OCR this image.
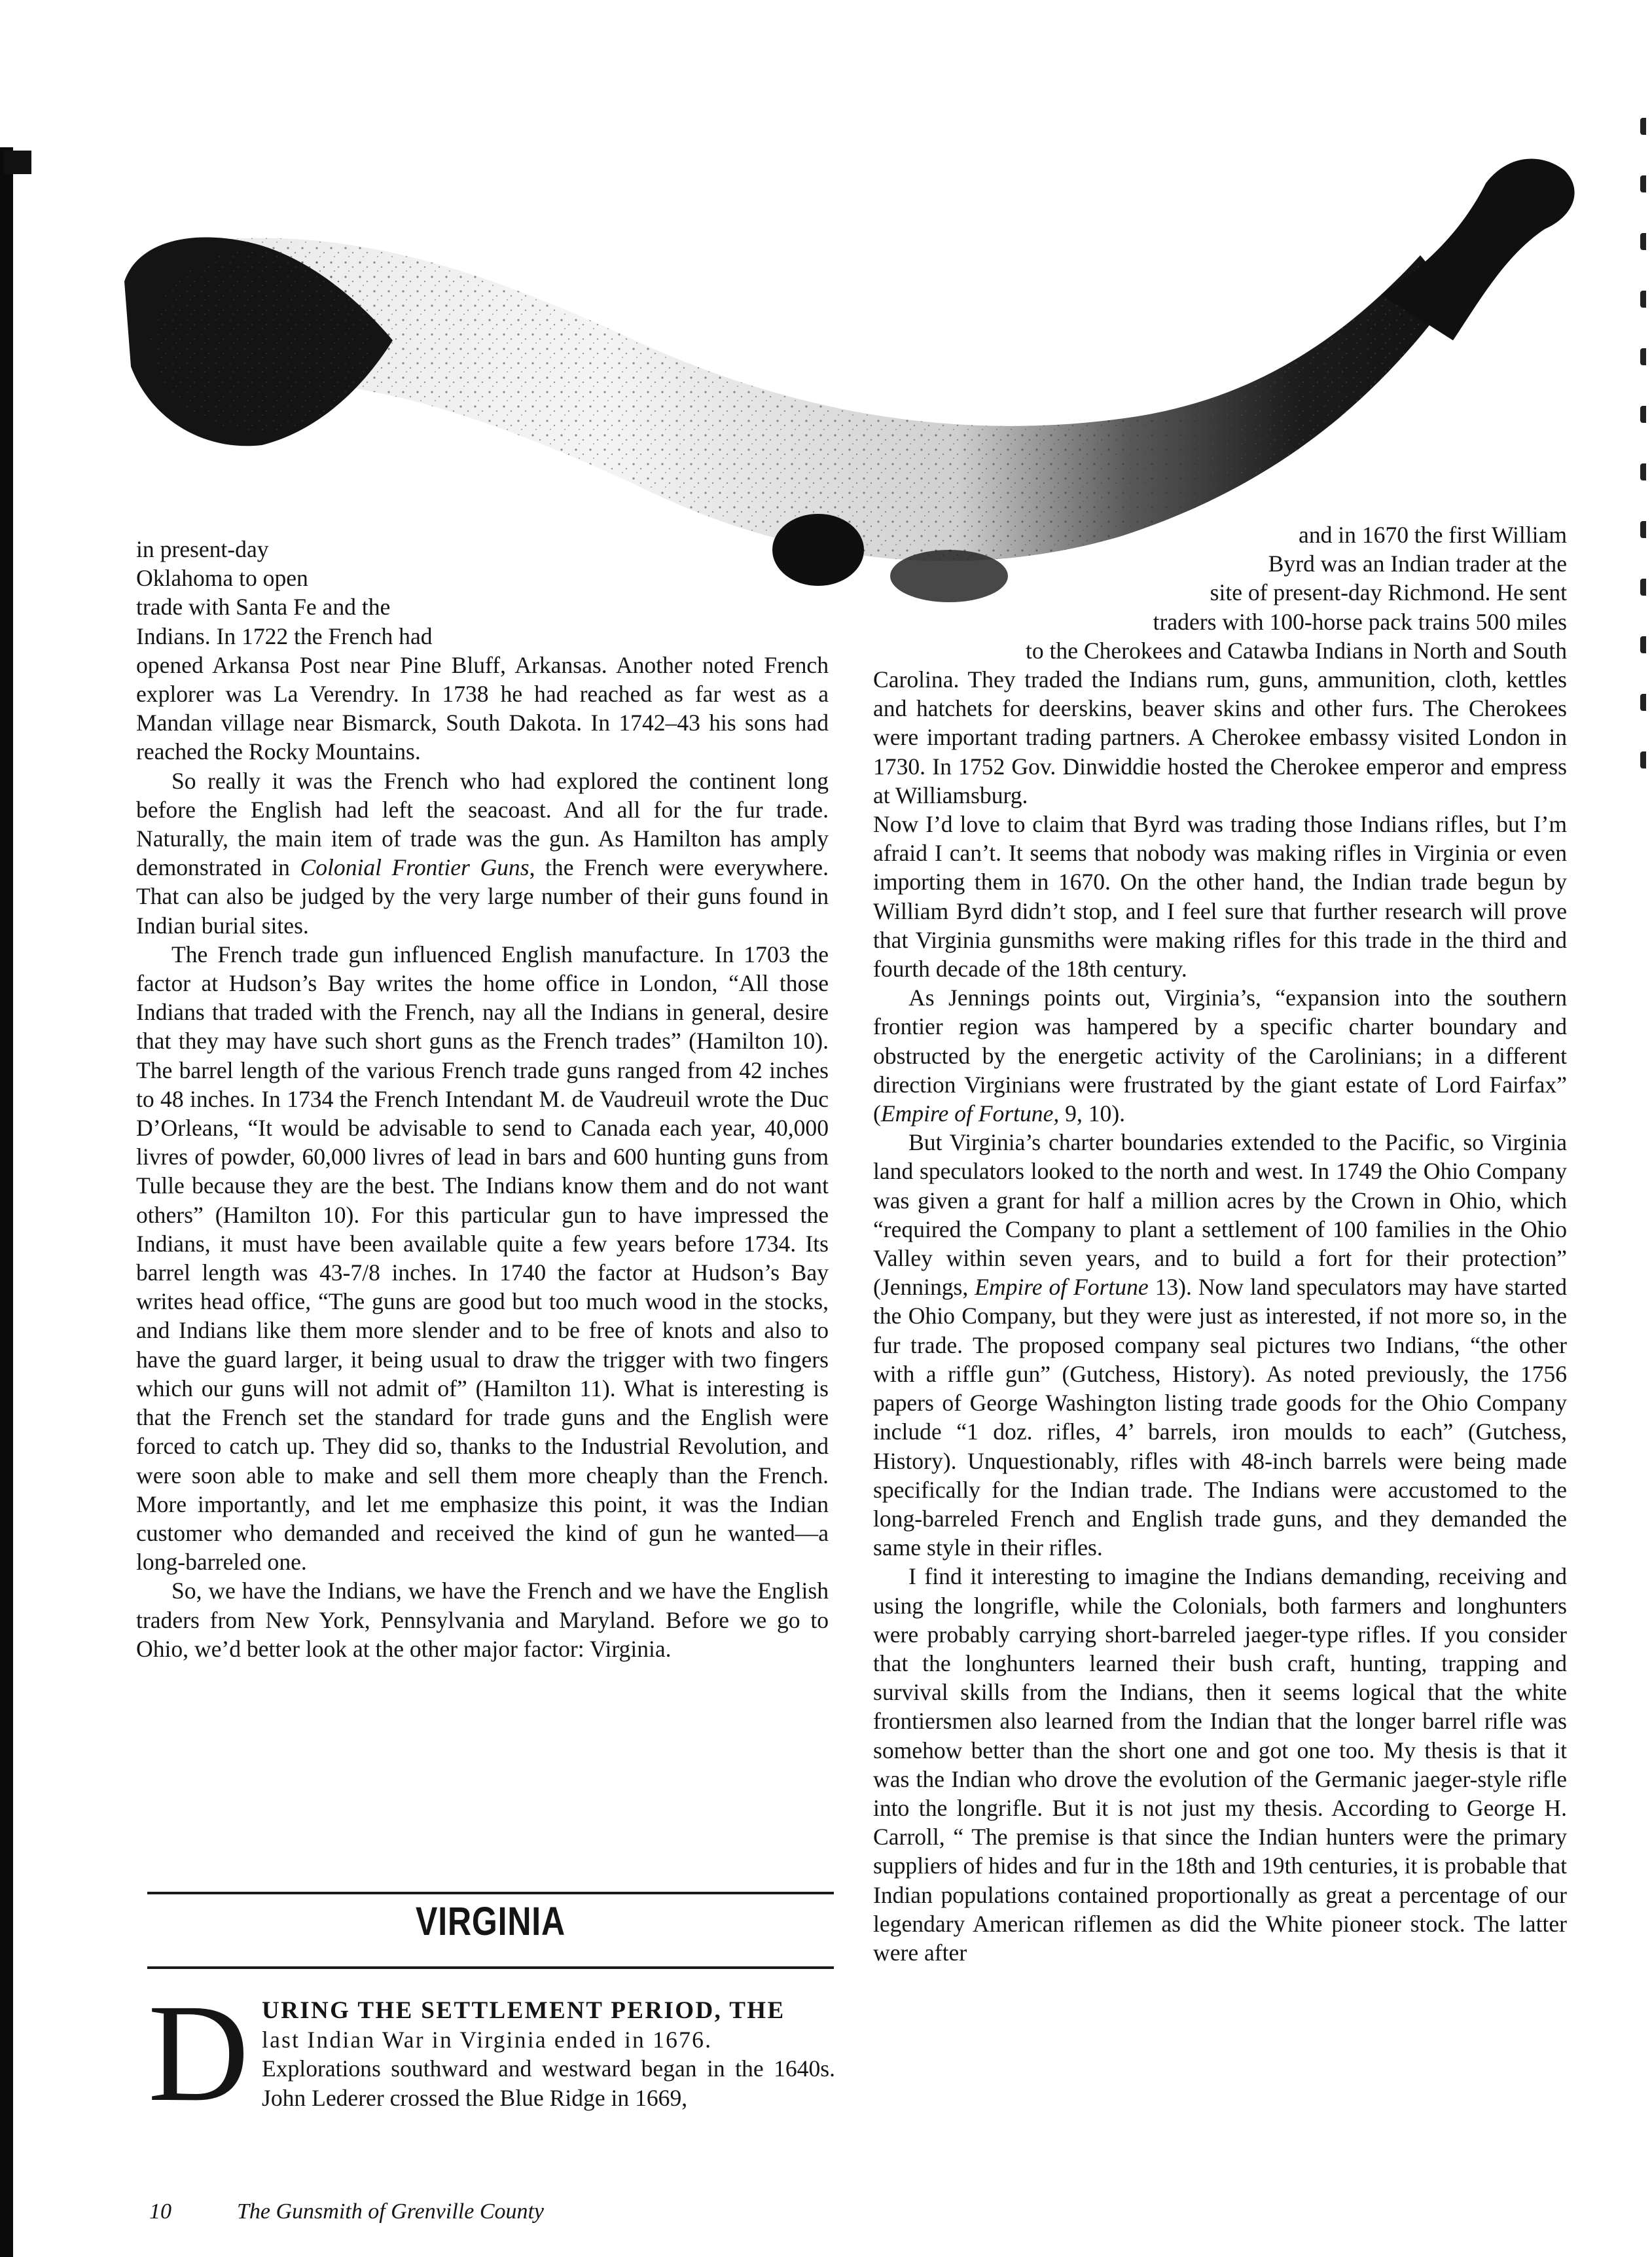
in present-day

Oklahoma to open

trade with Santa Fe and the

Indians. In 1722 the French had

opened Arkansa Post near Pine Bluff, Arkansas. Another noted French explorer was La Verendry. In 1738 he had reached as far west as a Mandan village near Bismarck, South Dakota. In 1742–43 his sons had reached the Rocky Mountains.

So really it was the French who had explored the continent long before the English had left the seacoast. And all for the fur trade. Naturally, the main item of trade was the gun. As Hamilton has amply demonstrated in Colonial Frontier Guns, the French were everywhere. That can also be judged by the very large number of their guns found in Indian burial sites.

The French trade gun influenced English manufacture. In 1703 the factor at Hudson’s Bay writes the home office in London, “All those Indians that traded with the French, nay all the Indians in general, desire that they may have such short guns as the French trades” (Hamilton 10). The barrel length of the various French trade guns ranged from 42 inches to 48 inches. In 1734 the French Intendant M. de Vaudreuil wrote the Duc D’Orleans, “It would be advisable to send to Canada each year, 40,000 livres of powder, 60,000 livres of lead in bars and 600 hunting guns from Tulle because they are the best. The Indians know them and do not want others” (Hamilton 10). For this particular gun to have impressed the Indians, it must have been available quite a few years before 1734. Its barrel length was 43-7/8 inches. In 1740 the factor at Hudson’s Bay writes head office, “The guns are good but too much wood in the stocks, and Indians like them more slender and to be free of knots and also to have the guard larger, it being usual to draw the trigger with two fingers which our guns will not admit of” (Hamilton 11). What is interesting is that the French set the standard for trade guns and the English were forced to catch up. They did so, thanks to the Industrial Revolution, and were soon able to make and sell them more cheaply than the French. More importantly, and let me emphasize this point, it was the Indian customer who demanded and received the kind of gun he wanted—a long-barreled one.

So, we have the Indians, we have the French and we have the English traders from New York, Pennsylvania and Maryland. Before we go to Ohio, we’d better look at the other major factor: Virginia.

VIRGINIA
D URING THE SETTLEMENT PERIOD, THE

last Indian War in Virginia ended in 1676.

Explorations southward and westward began in the 1640s. John Lederer crossed the Blue Ridge in 1669,

and in 1670 the first William

Byrd was an Indian trader at the

site of present-day Richmond. He sent

traders with 100-horse pack trains 500 miles

to the Cherokees and Catawba Indians in North and South

Carolina. They traded the Indians rum, guns, ammunition, cloth, kettles and hatchets for deerskins, beaver skins and other furs. The Cherokees were important trading partners. A Cherokee embassy visited London in 1730. In 1752 Gov. Dinwiddie hosted the Cherokee emperor and empress at Williamsburg.

Now I’d love to claim that Byrd was trading those Indians rifles, but I’m afraid I can’t. It seems that nobody was making rifles in Virginia or even importing them in 1670. On the other hand, the Indian trade begun by William Byrd didn’t stop, and I feel sure that further research will prove that Virginia gunsmiths were making rifles for this trade in the third and fourth decade of the 18th century.

As Jennings points out, Virginia’s, “expansion into the southern frontier region was hampered by a specific charter boundary and obstructed by the energetic activity of the Carolinians; in a different direction Virginians were frustrated by the giant estate of Lord Fairfax” (Empire of Fortune, 9, 10).

But Virginia’s charter boundaries extended to the Pacific, so Virginia land speculators looked to the north and west. In 1749 the Ohio Company was given a grant for half a million acres by the Crown in Ohio, which “required the Company to plant a settlement of 100 families in the Ohio Valley within seven years, and to build a fort for their protection” (Jennings, Empire of Fortune 13). Now land speculators may have started the Ohio Company, but they were just as interested, if not more so, in the fur trade. The proposed company seal pictures two Indians, “the other with a riffle gun” (Gutchess, History). As noted previously, the 1756 papers of George Washington listing trade goods for the Ohio Company include “1 doz. rifles, 4’ barrels, iron moulds to each” (Gutchess, History). Unquestionably, rifles with 48-inch barrels were being made specifically for the Indian trade. The Indians were accustomed to the long-barreled French and English trade guns, and they demanded the same style in their rifles.

I find it interesting to imagine the Indians demanding, receiving and using the longrifle, while the Colonials, both farmers and longhunters were probably carrying short-barreled jaeger-type rifles. If you consider that the longhunters learned their bush craft, hunting, trapping and survival skills from the Indians, then it seems logical that the white frontiersmen also learned from the Indian that the longer barrel rifle was somehow better than the short one and got one too. My thesis is that it was the Indian who drove the evolution of the Germanic jaeger-style rifle into the longrifle. But it is not just my thesis. According to George H. Carroll, “ The premise is that since the Indian hunters were the primary suppliers of hides and fur in the 18th and 19th centuries, it is probable that Indian populations contained proportionally as great a percentage of our legendary American riflemen as did the White pioneer stock. The latter were after

10	The Gunsmith of Grenville County
